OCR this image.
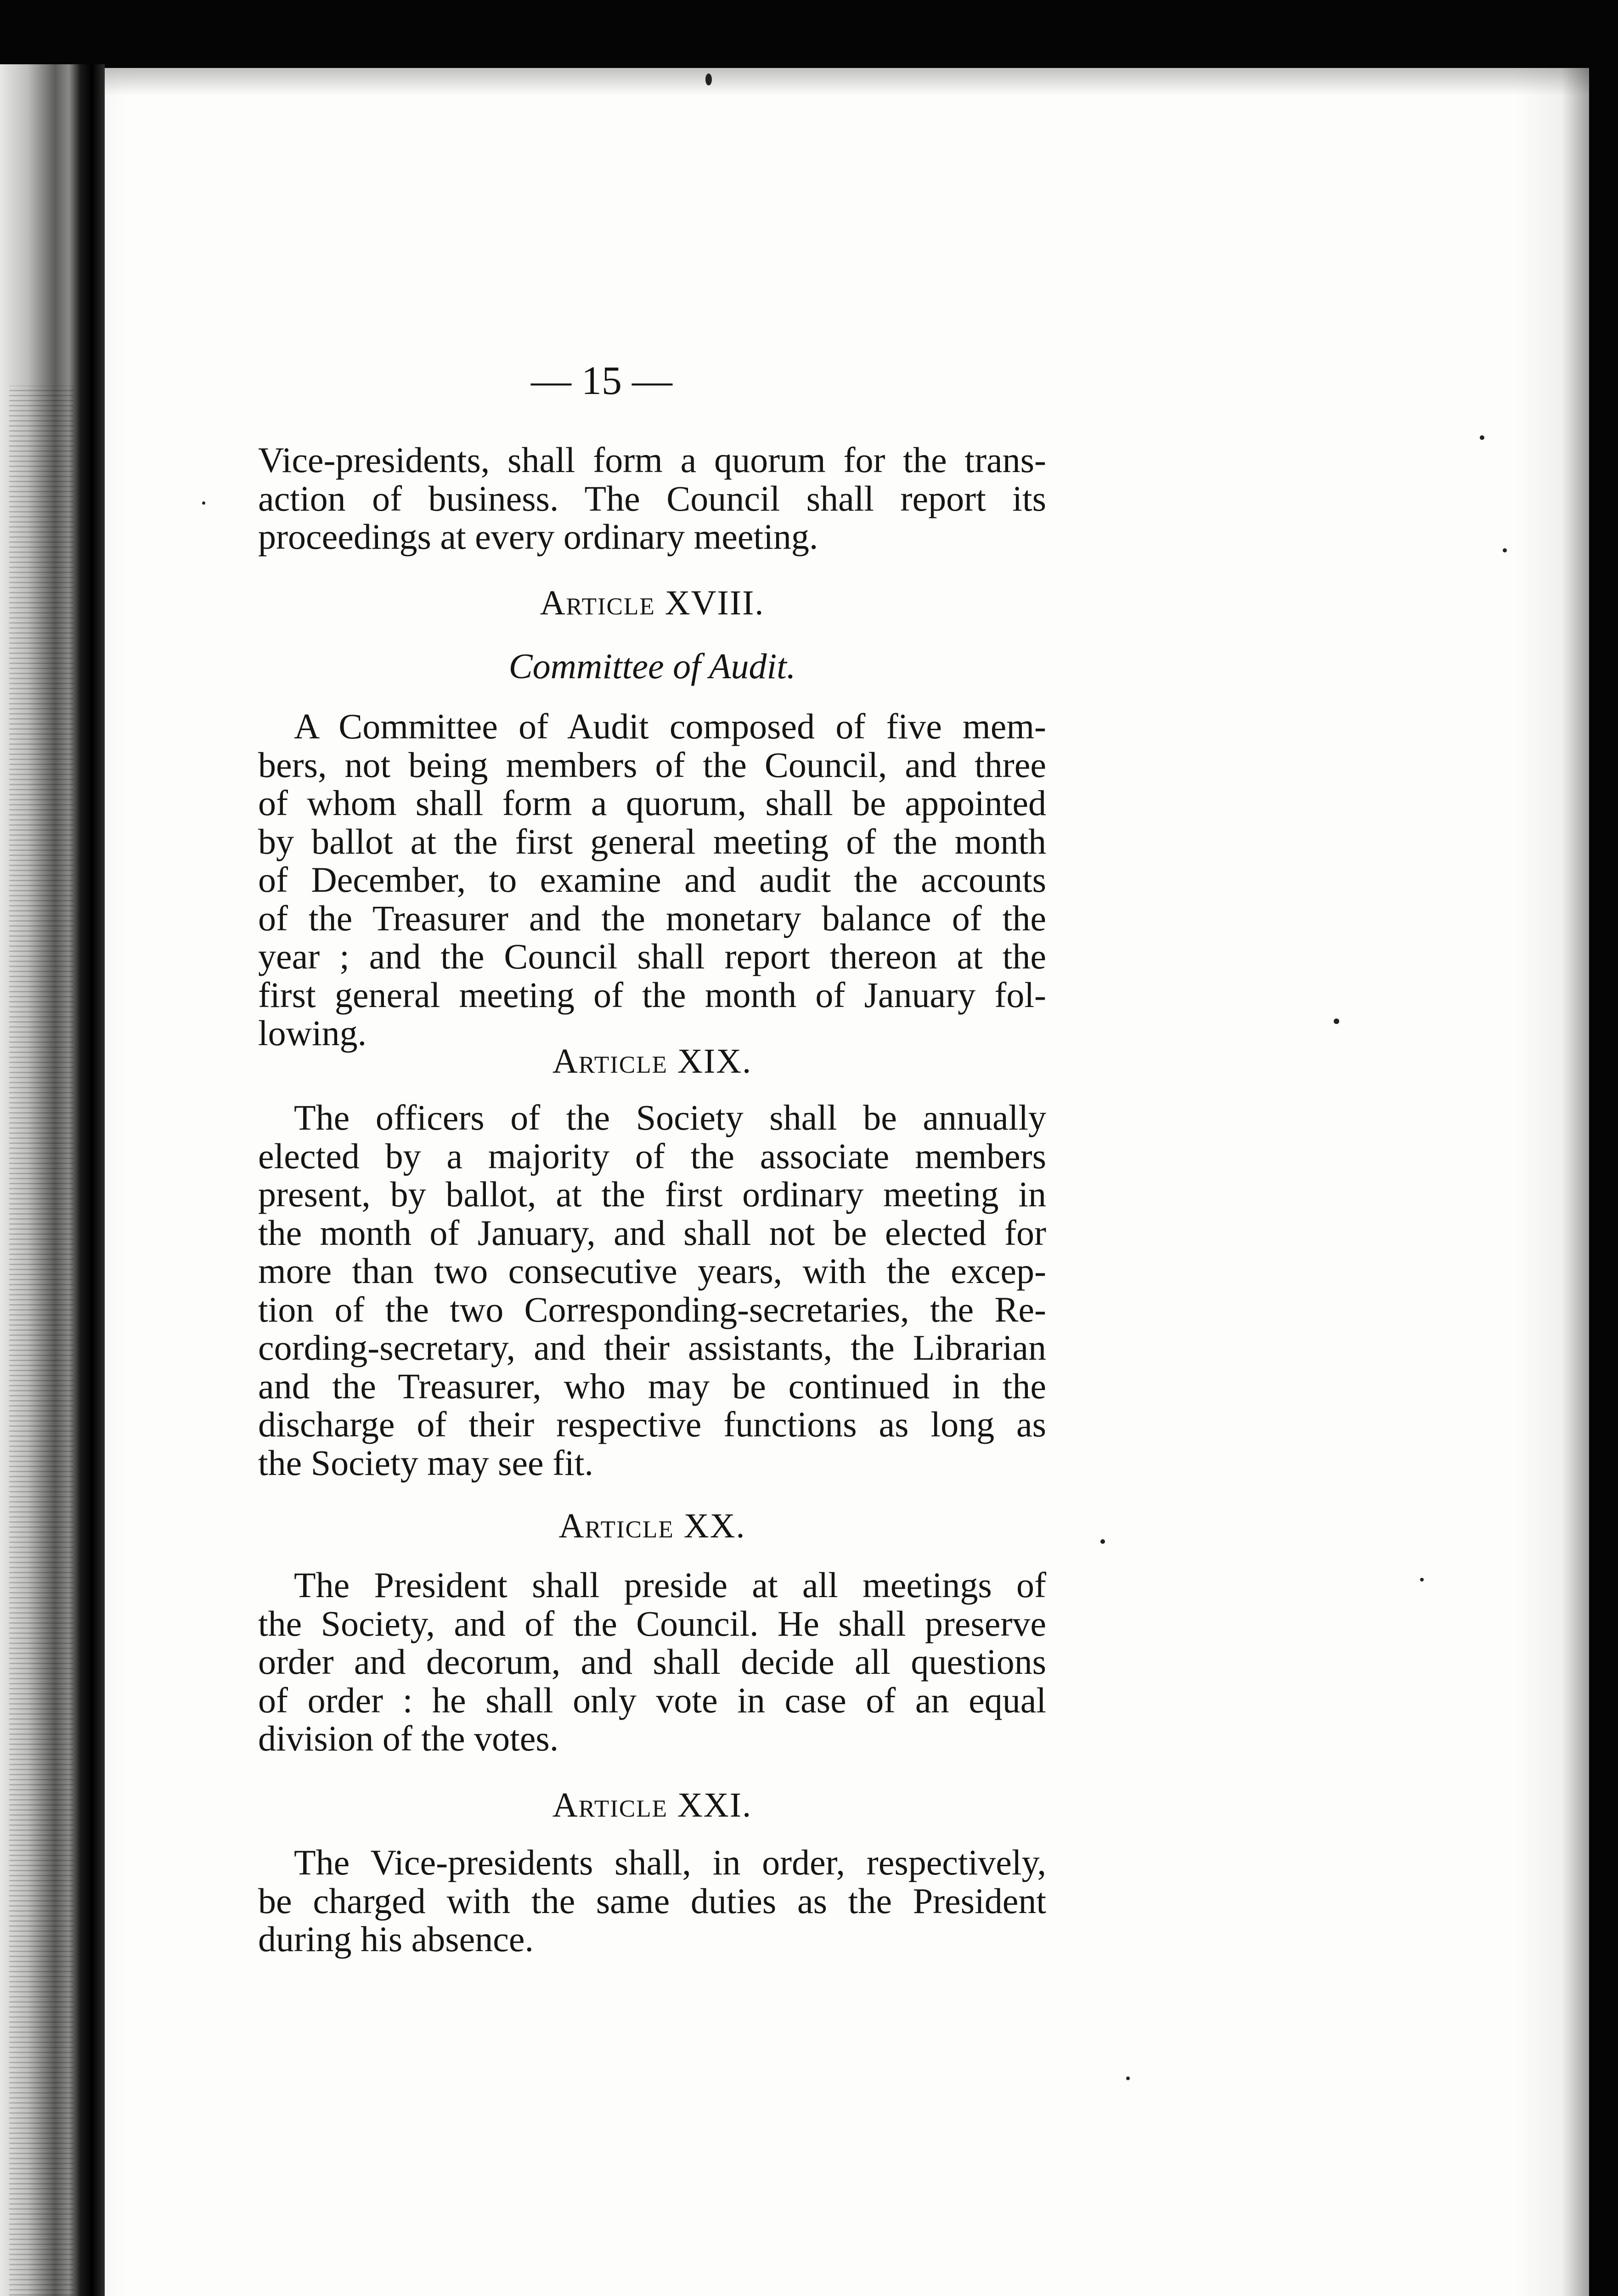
— 15 —
Vice-presidents, shall form a quorum for the trans-
action of business. The Council shall report its
proceedings at every ordinary meeting.
Article XVIII.
Committee of Audit.
A Committee of Audit composed of five mem-
bers, not being members of the Council, and three
of whom shall form a quorum, shall be appointed
by ballot at the first general meeting of the month
of December, to examine and audit the accounts
of the Treasurer and the monetary balance of the
year ; and the Council shall report thereon at the
first general meeting of the month of January fol-
lowing.
Article XIX.
The officers of the Society shall be annually
elected by a majority of the associate members
present, by ballot, at the first ordinary meeting in
the month of January, and shall not be elected for
more than two consecutive years, with the excep-
tion of the two Corresponding-secretaries, the Re-
cording-secretary, and their assistants, the Librarian
and the Treasurer, who may be continued in the
discharge of their respective functions as long as
the Society may see fit.
Article XX.
The President shall preside at all meetings of
the Society, and of the Council. He shall preserve
order and decorum, and shall decide all questions
of order : he shall only vote in case of an equal
division of the votes.
Article XXI.
The Vice-presidents shall, in order, respectively,
be charged with the same duties as the President
during his absence.
